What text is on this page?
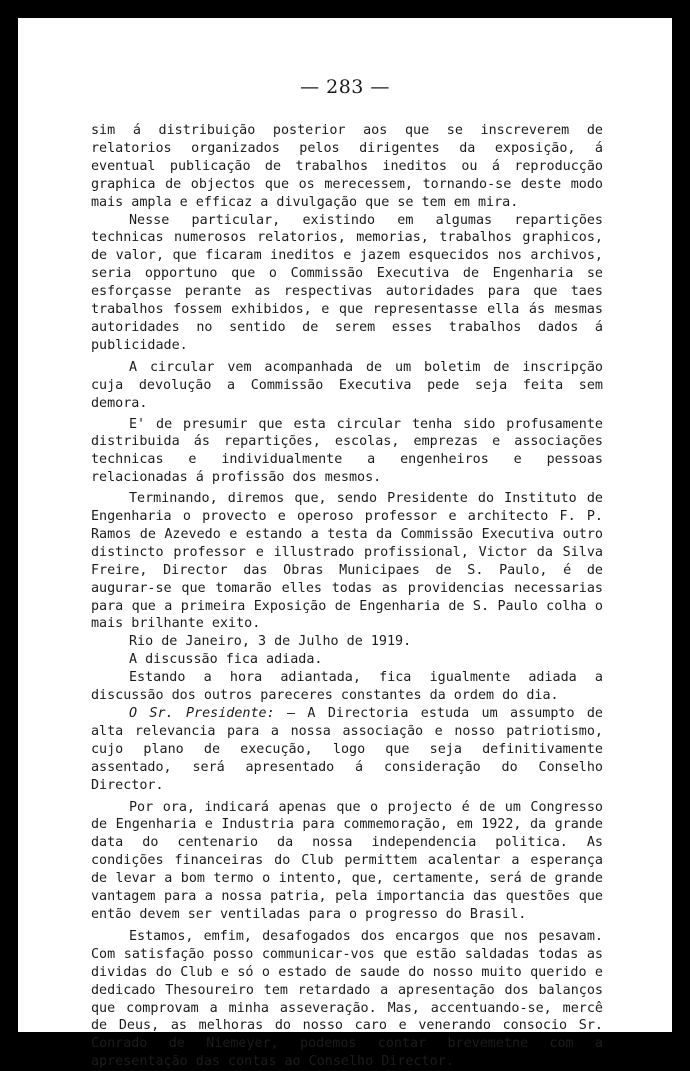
— 283 —

sim á distribuição posterior aos que se inscreverem de relatorios organizados pelos dirigentes da exposição, á eventual publicação de trabalhos ineditos ou á reproducção graphica de objectos que os merecessem, tornando-se deste modo mais ampla e efficaz a divulgação que se tem em mira.

Nesse particular, existindo em algumas repartições technicas numerosos relatorios, memorias, trabalhos graphicos, de valor, que ficaram ineditos e jazem esquecidos nos archivos, seria opportuno que o Commissão Executiva de Engenharia se esforçasse perante as respectivas autoridades para que taes trabalhos fossem exhibidos, e que representasse ella ás mesmas autoridades no sentido de serem esses trabalhos dados á publicidade.

A circular vem acompanhada de um boletim de inscripção cuja devolução a Commissão Executiva pede seja feita sem demora.

E' de presumir que esta circular tenha sido profusamente distribuida ás repartições, escolas, emprezas e associações technicas e individualmente a engenheiros e pessoas relacionadas á profissão dos mesmos.

Terminando, diremos que, sendo Presidente do Instituto de Engenharia o provecto e operoso professor e architecto F. P. Ramos de Azevedo e estando a testa da Commissão Executiva outro distincto professor e illustrado profissional, Victor da Silva Freire, Director das Obras Municipaes de S. Paulo, é de augurar-se que tomarão elles todas as providencias necessarias para que a primeira Exposição de Engenharia de S. Paulo colha o mais brilhante exito.

Rio de Janeiro, 3 de Julho de 1919.

A discussão fica adiada.

Estando a hora adiantada, fica igualmente adiada a discussão dos outros pareceres constantes da ordem do dia.

O Sr. Presidente: — A Directoria estuda um assumpto de alta relevancia para a nossa associação e nosso patriotismo, cujo plano de execução, logo que seja definitivamente assentado, será apresentado á consideração do Conselho Director.

Por ora, indicará apenas que o projecto é de um Congresso de Engenharia e Industria para commemoração, em 1922, da grande data do centenario da nossa independencia politica. As condições financeiras do Club permittem acalentar a esperança de levar a bom termo o intento, que, certamente, será de grande vantagem para a nossa patria, pela importancia das questões que então devem ser ventiladas para o progresso do Brasil.

Estamos, emfim, desafogados dos encargos que nos pesavam. Com satisfação posso communicar-vos que estão saldadas todas as dividas do Club e só o estado de saude do nosso muito querido e dedicado Thesoureiro tem retardado a apresentação dos balanços que comprovam a minha asseveração. Mas, accentuando-se, mercê de Deus, as melhoras do nosso caro e venerando consocio Sr. Conrado de Niemeyer, podemos contar brevemetne com a apresentação das contas ao Conselho Director.
